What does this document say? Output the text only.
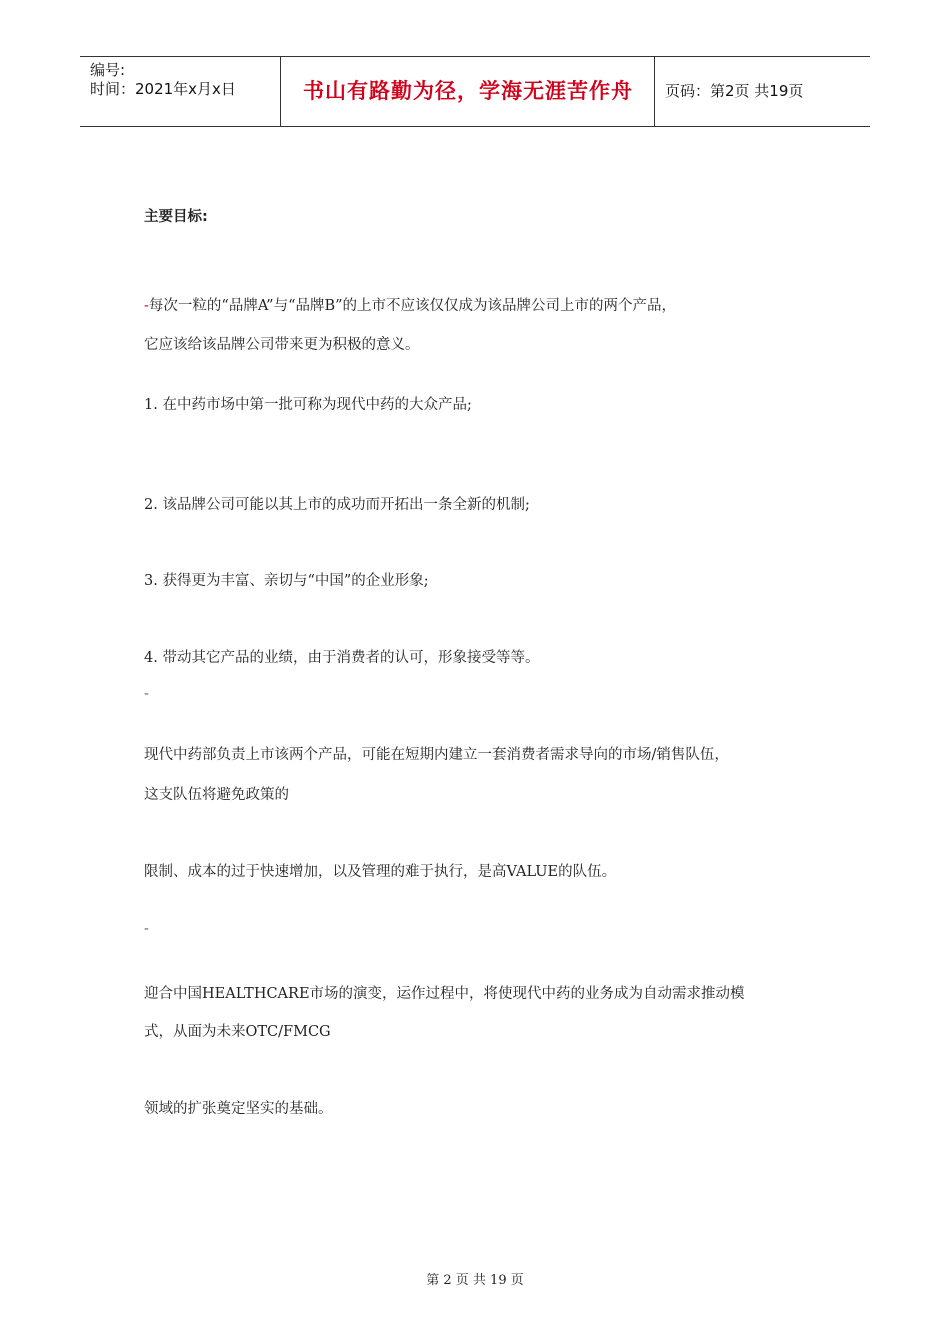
编号:
时间：2021年x月x日	书山有路勤为径，学海无涯苦作舟	页码：第2页 共19页
主要目标:
-每次一粒的“品牌A”与“品牌B”的上市不应该仅仅成为该品牌公司上市的两个产品，
它应该给该品牌公司带来更为积极的意义。
1. 在中药市场中第一批可称为现代中药的大众产品;
2. 该品牌公司可能以其上市的成功而开拓出一条全新的机制;
3. 获得更为丰富、亲切与“中国”的企业形象;
4. 带动其它产品的业绩，由于消费者的认可，形象接受等等。
-
现代中药部负责上市该两个产品，可能在短期内建立一套消费者需求导向的市场/销售队伍，
这支队伍将避免政策的
限制、成本的过于快速增加，以及管理的难于执行，是高VALUE的队伍。
-
迎合中国HEALTHCARE市场的演变，运作过程中，将使现代中药的业务成为自动需求推动模
式，从面为未来OTC/FMCG
领域的扩张奠定坚实的基础。
第 2 页 共 19 页
